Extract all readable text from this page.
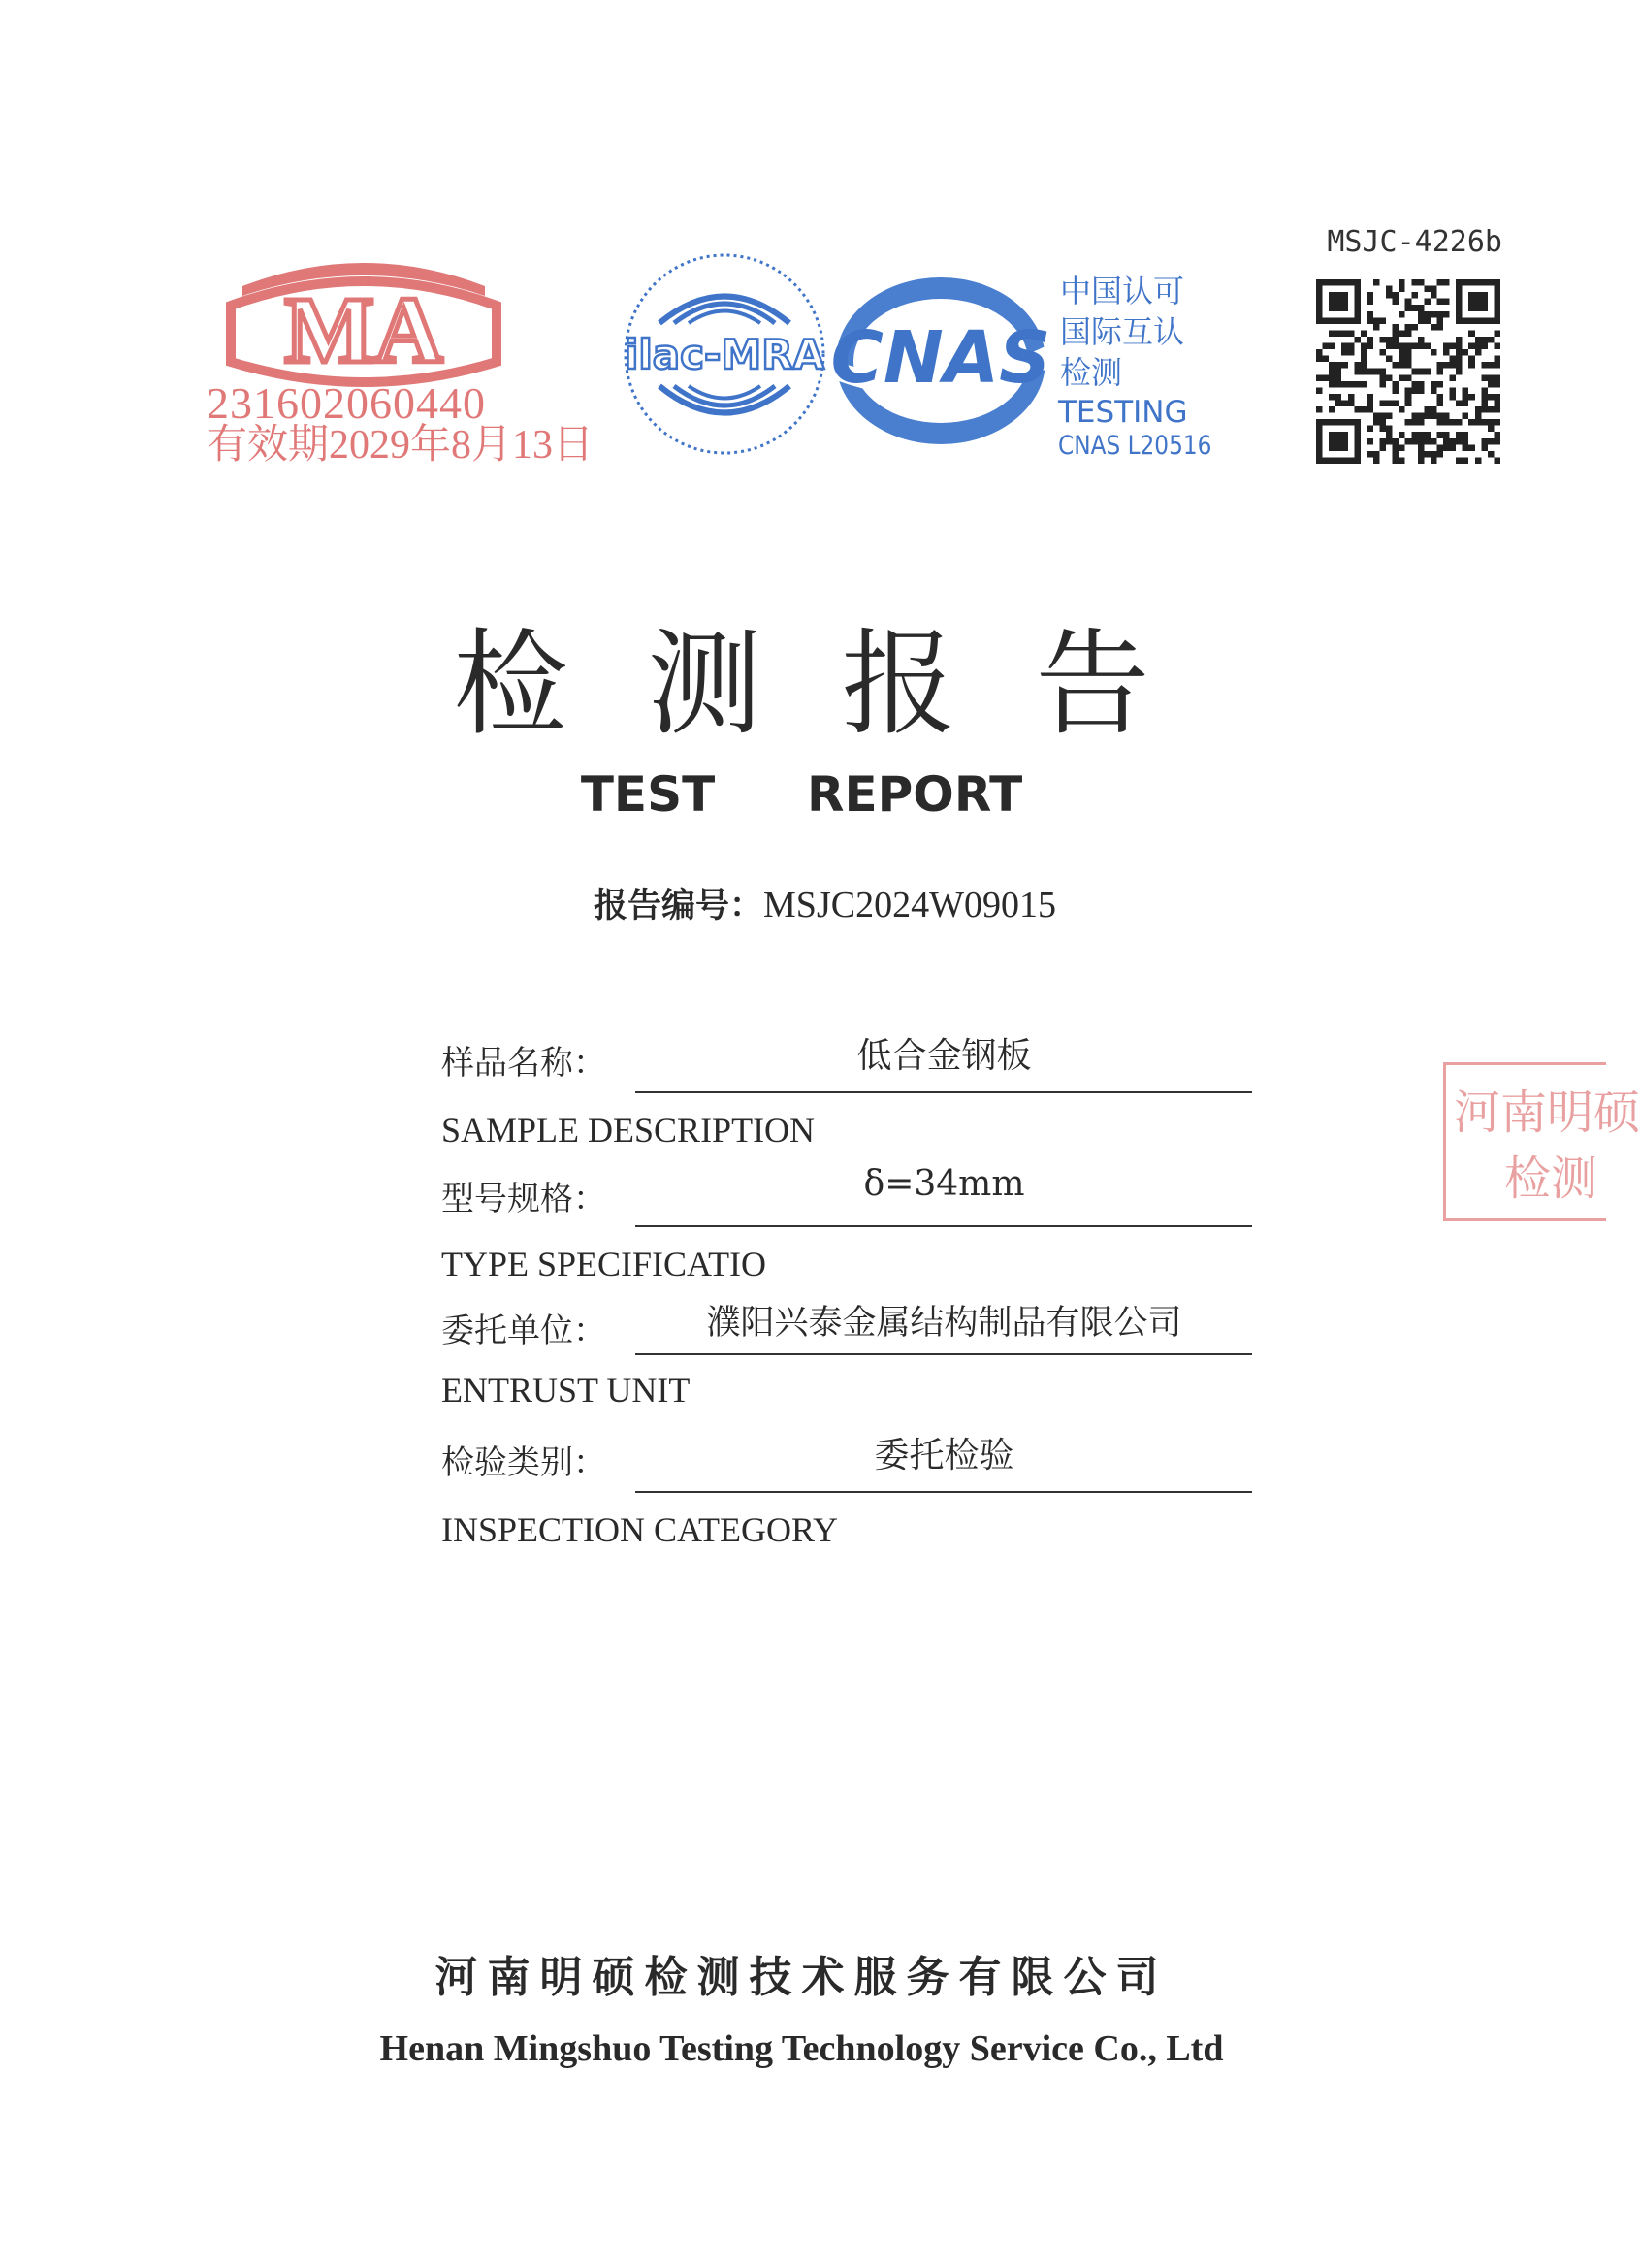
MA
231602060440
有效期2029年8月13日
ilac-MRA CNAS
中国认可
国际互认
检测
TESTING
CNAS L20516
MSJC-4226b
检测报告
TEST  REPORT
报告编号：MSJC2024W09015
样品名称：	低合金钢板
SAMPLE DESCRIPTION
型号规格：	δ=34mm
TYPE SPECIFICATIO
委托单位：	濮阳兴泰金属结构制品有限公司
ENTRUST UNIT
检验类别：	委托检验
INSPECTION CATEGORY
河南明硕
检测
河南明硕检测技术服务有限公司
Henan Mingshuo Testing Technology Service Co., Ltd
